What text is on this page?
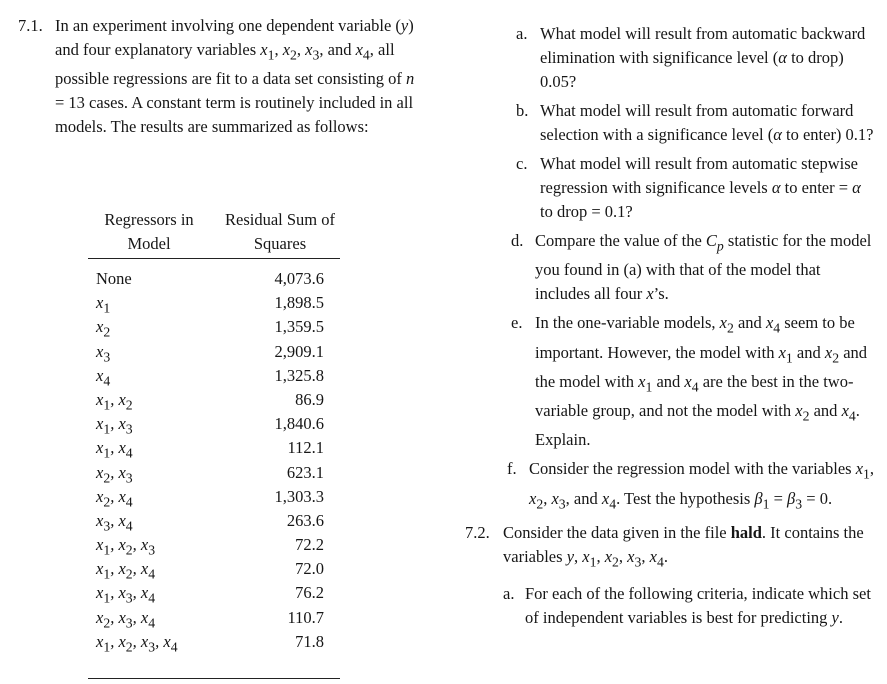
7.1. In an experiment involving one dependent variable (y) and four explanatory variables $x_1$, $x_2$, $x_3$, and $x_4$, all possible regressions are fit to a data set consisting of n = 13 cases. A constant term is routinely included in all models. The results are summarized as follows:

Regressors in Model
Residual Sum of Squares
None	4,073.6
$x_1$	1,898.5
$x_2$	1,359.5
$x_3$	2,909.1
$x_4$	1,325.8
$x_1$, $x_2$	86.9
$x_1$, $x_3$	1,840.6
$x_1$, $x_4$	112.1
$x_2$, $x_3$	623.1
$x_2$, $x_4$	1,303.3
$x_3$, $x_4$	263.6
$x_1$, $x_2$, $x_3$	72.2
$x_1$, $x_2$, $x_4$	72.0
$x_1$, $x_3$, $x_4$	76.2
$x_2$, $x_3$, $x_4$	110.7
$x_1$, $x_2$, $x_3$, $x_4$	71.8
a. What model will result from automatic backward elimination with significance level (α to drop) 0.05?

b. What model will result from automatic forward selection with a significance level (α to enter) 0.1?

c. What model will result from automatic stepwise regression with significance levels α to enter = α to drop = 0.1?

d. Compare the value of the $C_p$ statistic for the model you found in (a) with that of the model that includes all four x’s.

e. In the one-variable models, $x_2$ and $x_4$ seem to be important. However, the model with $x_1$ and $x_2$ and the model with $x_1$ and $x_4$ are the best in the two-variable group, and not the model with $x_2$ and $x_4$. Explain.

f. Consider the regression model with the variables $x_1$, $x_2$, $x_3$, and $x_4$. Test the hypothesis $\beta_1 = \beta_3 = 0$.

7.2. Consider the data given in the file hald. It contains the variables y, $x_1$, $x_2$, $x_3$, $x_4$.

a. For each of the following criteria, indicate which set of independent variables is best for predicting y.
